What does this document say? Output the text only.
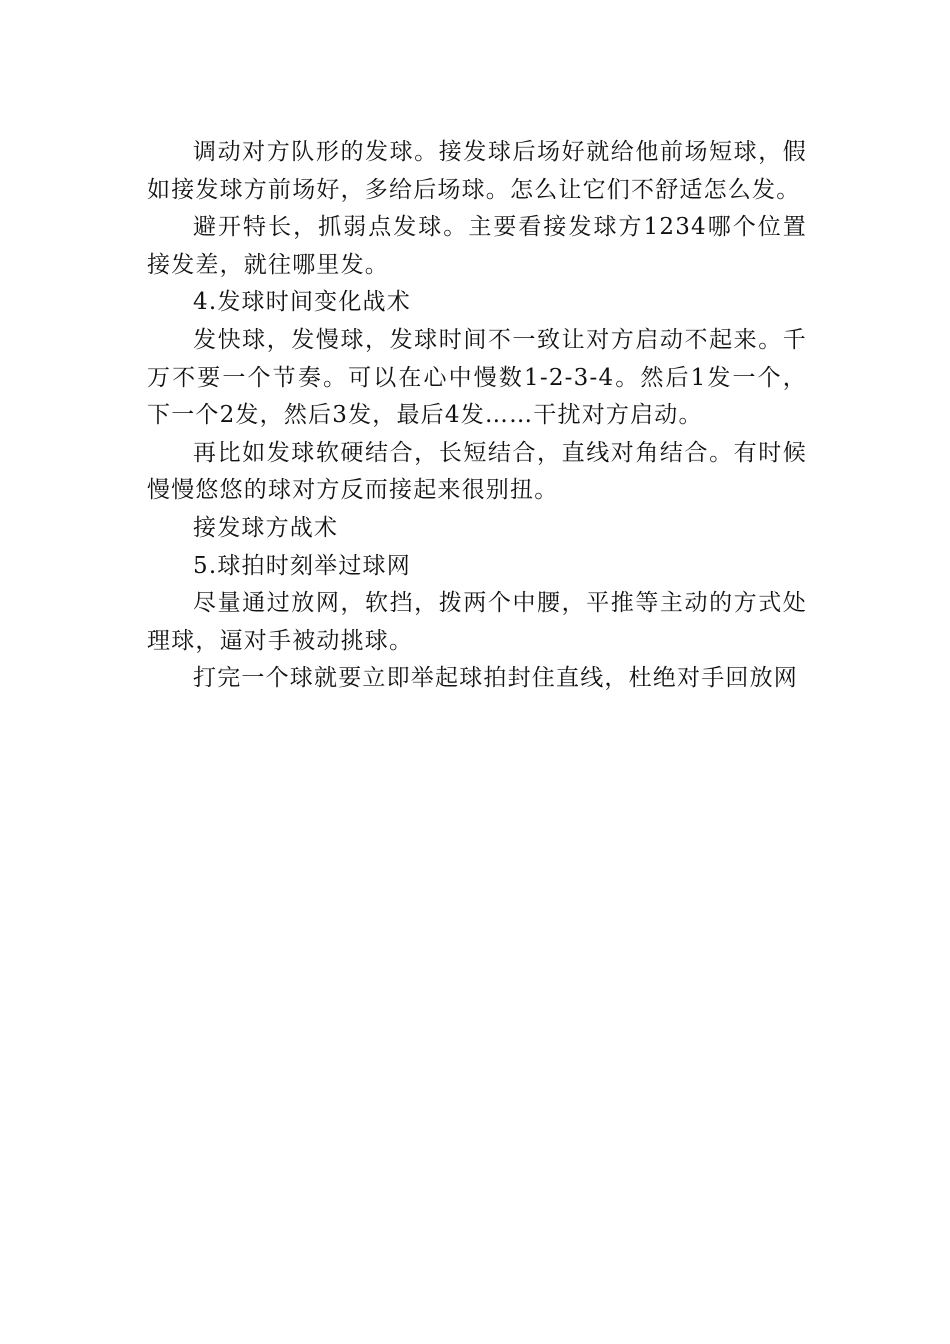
调动对方队形的发球。接发球后场好就给他前场短球，假如接发球方前场好，多给后场球。怎么让它们不舒适怎么发。

避开特长，抓弱点发球。主要看接发球方1234哪个位置接发差，就往哪里发。

4.发球时间变化战术

发快球，发慢球，发球时间不一致让对方启动不起来。千万不要一个节奏。可以在心中慢数1-2-3-4。然后1发一个，下一个2发，然后3发，最后4发……干扰对方启动。

再比如发球软硬结合，长短结合，直线对角结合。有时候慢慢悠悠的球对方反而接起来很别扭。

接发球方战术

5.球拍时刻举过球网

尽量通过放网，软挡，拨两个中腰，平推等主动的方式处理球，逼对手被动挑球。

打完一个球就要立即举起球拍封住直线，杜绝对手回放网
